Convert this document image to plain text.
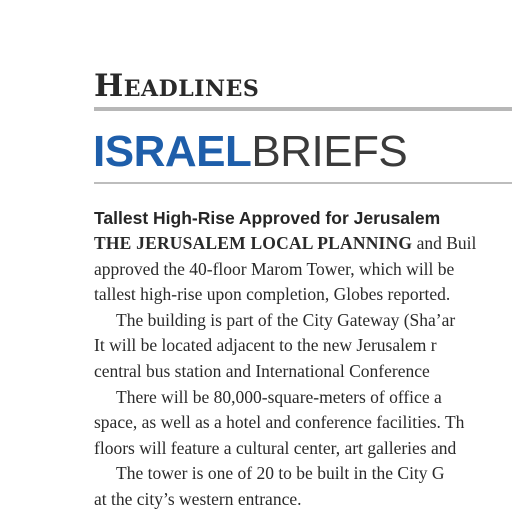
Headlines
ISRAELBRIEFS
Tallest High-Rise Approved for Jerusalem
THE JERUSALEM LOCAL PLANNING and Buil
approved the 40-floor Marom Tower, which will be
tallest high-rise upon completion, Globes reported.
The building is part of the City Gateway (Sha’ar
It will be located adjacent to the new Jerusalem r
central bus station and International Conference
There will be 80,000-square-meters of office a
space, as well as a hotel and conference facilities. Th
floors will feature a cultural center, art galleries and
The tower is one of 20 to be built in the City G
at the city’s western entrance.
